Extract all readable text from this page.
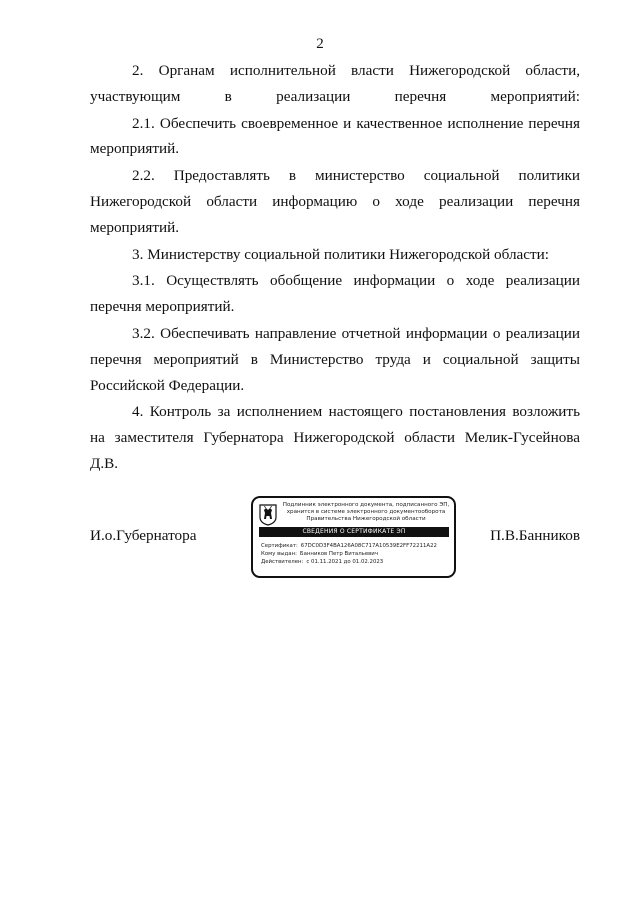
2

2. Органам исполнительной власти Нижегородской области, участвующим в реализации перечня мероприятий:

2.1. Обеспечить своевременное и качественное исполнение перечня мероприятий.

2.2. Предоставлять в министерство социальной политики Нижегородской области информацию о ходе реализации перечня мероприятий.

3. Министерству социальной политики Нижегородской области:

3.1. Осуществлять обобщение информации о ходе реализации перечня мероприятий.

3.2. Обеспечивать направление отчетной информации о реализации перечня мероприятий в Министерство труда и социальной защиты Российской Федерации.

4. Контроль за исполнением настоящего постановления возложить на заместителя Губернатора Нижегородской области Мелик-Гусейнова Д.В.

И.о.Губернатора
Подлинник электронного документа, подписанного ЭП,
хранится в системе электронного документооборота
Правительства Нижегородской области
СВЕДЕНИЯ О СЕРТИФИКАТЕ ЭП
Сертификат: 67DC0D3F4BA126A08C717A10539E2FF72211A22
Кому выдан: Банников Петр Витальевич
Действителен: с 01.11.2021 до 01.02.2023
П.В.Банников
